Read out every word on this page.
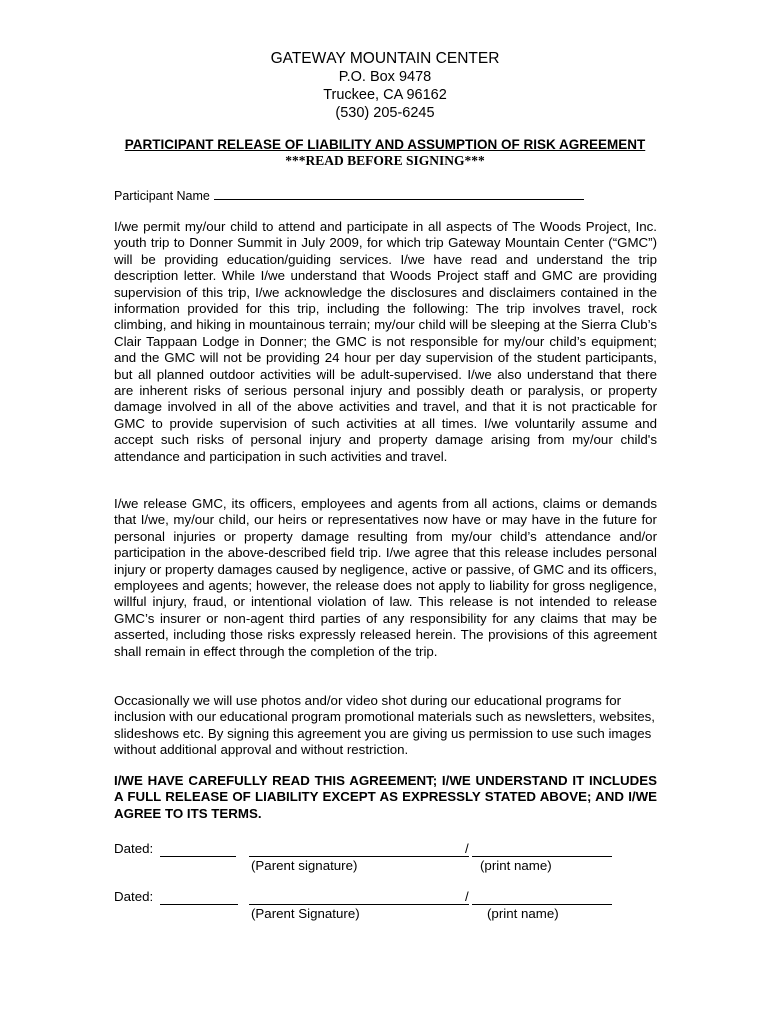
GATEWAY MOUNTAIN CENTER
P.O. Box 9478
Truckee, CA 96162
(530) 205-6245
PARTICIPANT RELEASE OF LIABILITY AND ASSUMPTION OF RISK AGREEMENT
***READ BEFORE SIGNING***
Participant Name

I/we permit my/our child to attend and participate in all aspects of The Woods Project, Inc. youth trip to Donner Summit in July 2009, for which trip Gateway Mountain Center (“GMC”) will be providing education/guiding services. I/we have read and understand the trip description letter. While I/we understand that Woods Project staff and GMC are providing supervision of this trip, I/we acknowledge the disclosures and disclaimers contained in the information provided for this trip, including the following: The trip involves travel, rock climbing, and hiking in mountainous terrain; my/our child will be sleeping at the Sierra Club’s Clair Tappaan Lodge in Donner; the GMC is not responsible for my/our child’s equipment; and the GMC will not be providing 24 hour per day supervision of the student participants, but all planned outdoor activities will be adult-supervised. I/we also understand that there are inherent risks of serious personal injury and possibly death or paralysis, or property damage involved in all of the above activities and travel, and that it is not practicable for GMC to provide supervision of such activities at all times. I/we voluntarily assume and accept such risks of personal injury and property damage arising from my/our child's attendance and participation in such activities and travel.

I/we release GMC, its officers, employees and agents from all actions, claims or demands that I/we, my/our child, our heirs or representatives now have or may have in the future for personal injuries or property damage resulting from my/our child’s attendance and/or participation in the above-described field trip. I/we agree that this release includes personal injury or property damages caused by negligence, active or passive, of GMC and its officers, employees and agents; however, the release does not apply to liability for gross negligence, willful injury, fraud, or intentional violation of law. This release is not intended to release GMC’s insurer or non-agent third parties of any responsibility for any claims that may be asserted, including those risks expressly released herein. The provisions of this agreement shall remain in effect through the completion of the trip.

Occasionally we will use photos and/or video shot during our educational programs for inclusion with our educational program promotional materials such as newsletters, websites, slideshows etc. By signing this agreement you are giving us permission to use such images without additional approval and without restriction.

I/WE HAVE CAREFULLY READ THIS AGREEMENT; I/WE UNDERSTAND IT INCLUDES A FULL RELEASE OF LIABILITY EXCEPT AS EXPRESSLY STATED ABOVE; AND I/WE AGREE TO ITS TERMS.

Dated:	/
(Parent signature)	(print name)
Dated:	/
(Parent Signature)	(print name)
